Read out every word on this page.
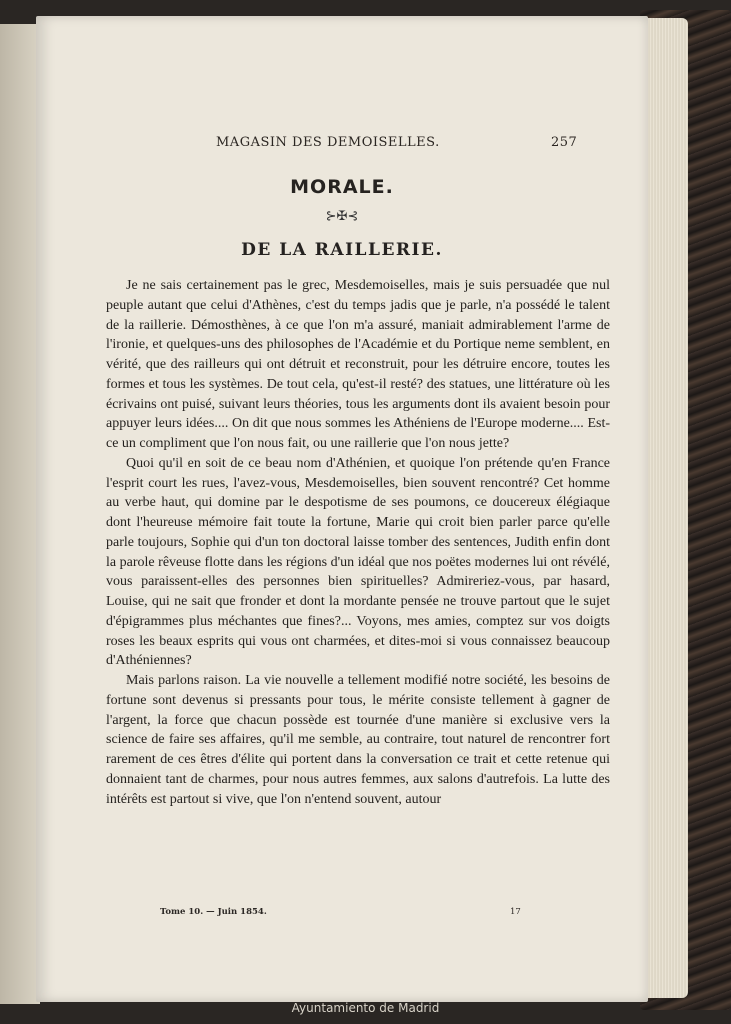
MAGASIN DES DEMOISELLES.	257
MORALE.
⊱✠⊰
DE LA RAILLERIE.

Je ne sais certainement pas le grec, Mesdemoiselles, mais je suis persuadée que nul peuple autant que celui d'Athènes, c'est du temps jadis que je parle, n'a possédé le talent de la raillerie. Démosthènes, à ce que l'on m'a assuré, maniait admirablement l'arme de l'ironie, et quelques-uns des philosophes de l'Académie et du Portique neme semblent, en vérité, que des railleurs qui ont détruit et reconstruit, pour les détruire encore, toutes les formes et tous les systèmes. De tout cela, qu'est-il resté? des statues, une littérature où les écrivains ont puisé, suivant leurs théories, tous les arguments dont ils avaient besoin pour appuyer leurs idées.... On dit que nous sommes les Athéniens de l'Europe moderne.... Est-ce un compliment que l'on nous fait, ou une raillerie que l'on nous jette?

Quoi qu'il en soit de ce beau nom d'Athénien, et quoique l'on prétende qu'en France l'esprit court les rues, l'avez-vous, Mesdemoiselles, bien souvent rencontré? Cet homme au verbe haut, qui domine par le despotisme de ses poumons, ce doucereux élégiaque dont l'heureuse mémoire fait toute la fortune, Marie qui croit bien parler parce qu'elle parle toujours, Sophie qui d'un ton doctoral laisse tomber des sentences, Judith enfin dont la parole rêveuse flotte dans les régions d'un idéal que nos poëtes modernes lui ont révélé, vous paraissent-elles des personnes bien spirituelles? Admireriez-vous, par hasard, Louise, qui ne sait que fronder et dont la mordante pensée ne trouve partout que le sujet d'épigrammes plus méchantes que fines?... Voyons, mes amies, comptez sur vos doigts roses les beaux esprits qui vous ont charmées, et dites-moi si vous connaissez beaucoup d'Athéniennes?

Mais parlons raison. La vie nouvelle a tellement modifié notre société, les besoins de fortune sont devenus si pressants pour tous, le mérite consiste tellement à gagner de l'argent, la force que chacun possède est tournée d'une manière si exclusive vers la science de faire ses affaires, qu'il me semble, au contraire, tout naturel de rencontrer fort rarement de ces êtres d'élite qui portent dans la conversation ce trait et cette retenue qui donnaient tant de charmes, pour nous autres femmes, aux salons d'autrefois. La lutte des intérêts est partout si vive, que l'on n'entend souvent, autour

Tome 10. — Juin 1854.	17
Ayuntamiento de Madrid
